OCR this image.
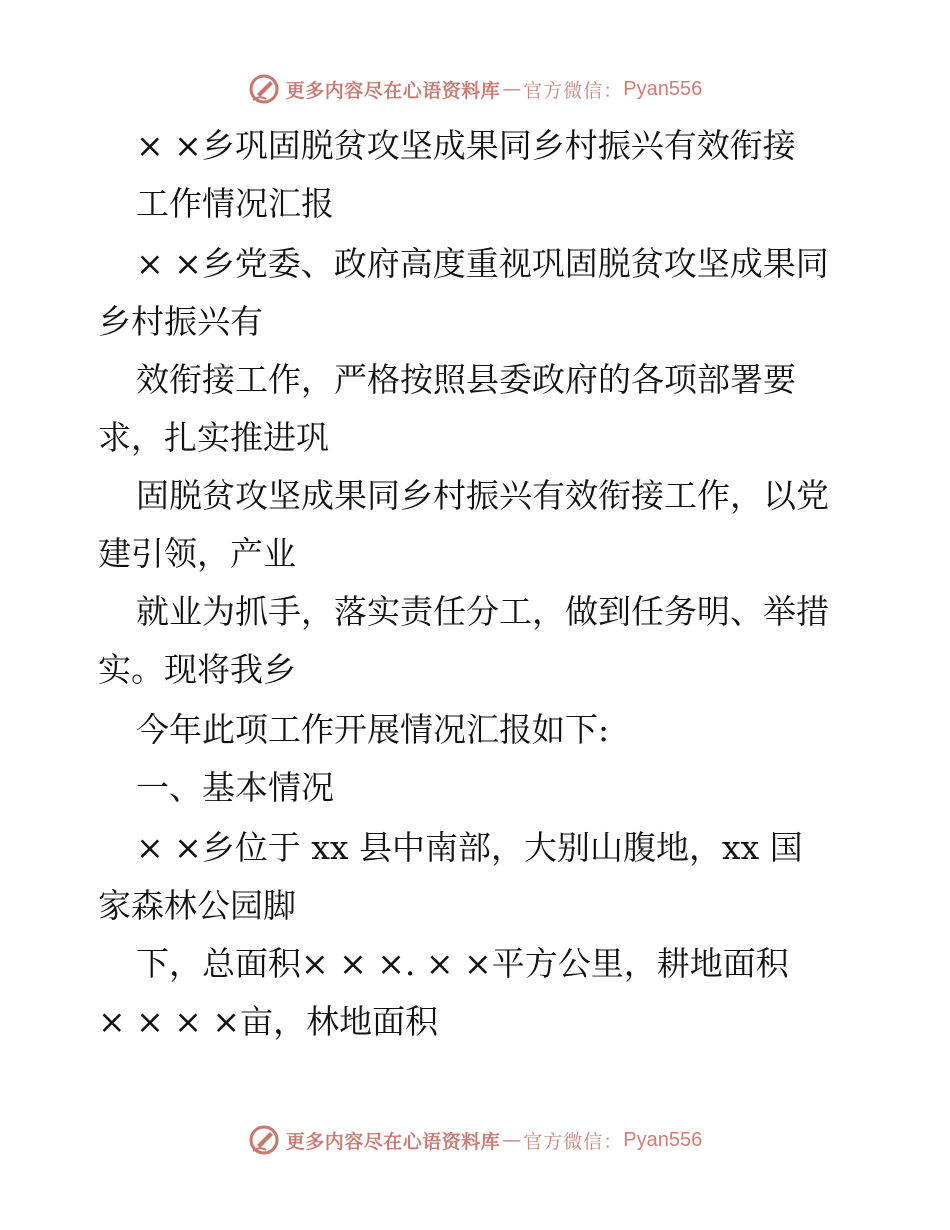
更多内容尽在心语资料库 — 官方微信： Pyan556
× ×乡巩固脱贫攻坚成果同乡村振兴有效衔接
工作情况汇报
× ×乡党委、政府高度重视巩固脱贫攻坚成果同
乡村振兴有
效衔接工作，严格按照县委政府的各项部署要
求，扎实推进巩
固脱贫攻坚成果同乡村振兴有效衔接工作，以党
建引领，产业
就业为抓手，落实责任分工，做到任务明、举措
实。现将我乡
今年此项工作开展情况汇报如下:
一、基本情况
× ×乡位于 xx 县中南部，大别山腹地，xx 国
家森林公园脚
下，总面积× × ×. × ×平方公里，耕地面积
× × × ×亩，林地面积
更多内容尽在心语资料库 — 官方微信： Pyan556
